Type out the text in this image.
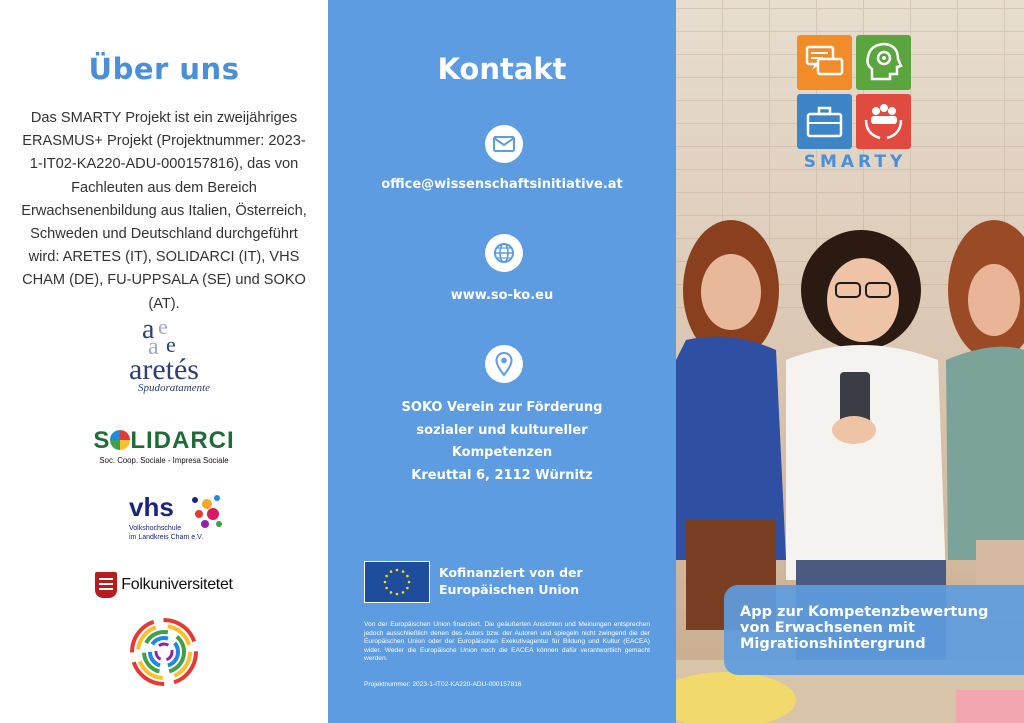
Über uns

Das SMARTY Projekt ist ein zweijähriges ERASMUS+ Projekt (Projektnummer: 2023-1-IT02-KA220-ADU-000157816), das von Fachleuten aus dem Bereich Erwachsenenbildung aus Italien, Österreich, Schweden und Deutschland durchgeführt wird: ARETES (IT), SOLIDARCI (IT), VHS CHAM (DE), FU-UPPSALA (SE) und SOKO (AT).

a e
a e
aretés
Spudoratamente
S LIDARCI
Soc. Coop. Sociale - Impresa Sociale
vhs
Volkshochschule
im Landkreis Cham e.V.
Folkuniversitetet
Kontakt

office@wissenschaftsinitiative.at

www.so-ko.eu

SOKO Verein zur Förderung
sozialer und kultureller
Kompetenzen
Kreuttal 6, 2112 Würnitz

Kofinanziert von der
Europäischen Union

Von der Europäischen Union finanziert. Die geäußerten Ansichten und Meinungen entsprechen jedoch ausschließlich denen des Autors bzw. der Autoren und spiegeln nicht zwingend die der Europäischen Union oder der Europäischen Exekutivagentur für Bildung und Kultur (EACEA) wider. Weder die Europäische Union noch die EACEA können dafür verantwortlich gemacht werden.

Projektnummer: 2023-1-IT02-KA220-ADU-000157816

SMARTY

App zur Kompetenzbewertung
von Erwachsenen mit
Migrationshintergrund
